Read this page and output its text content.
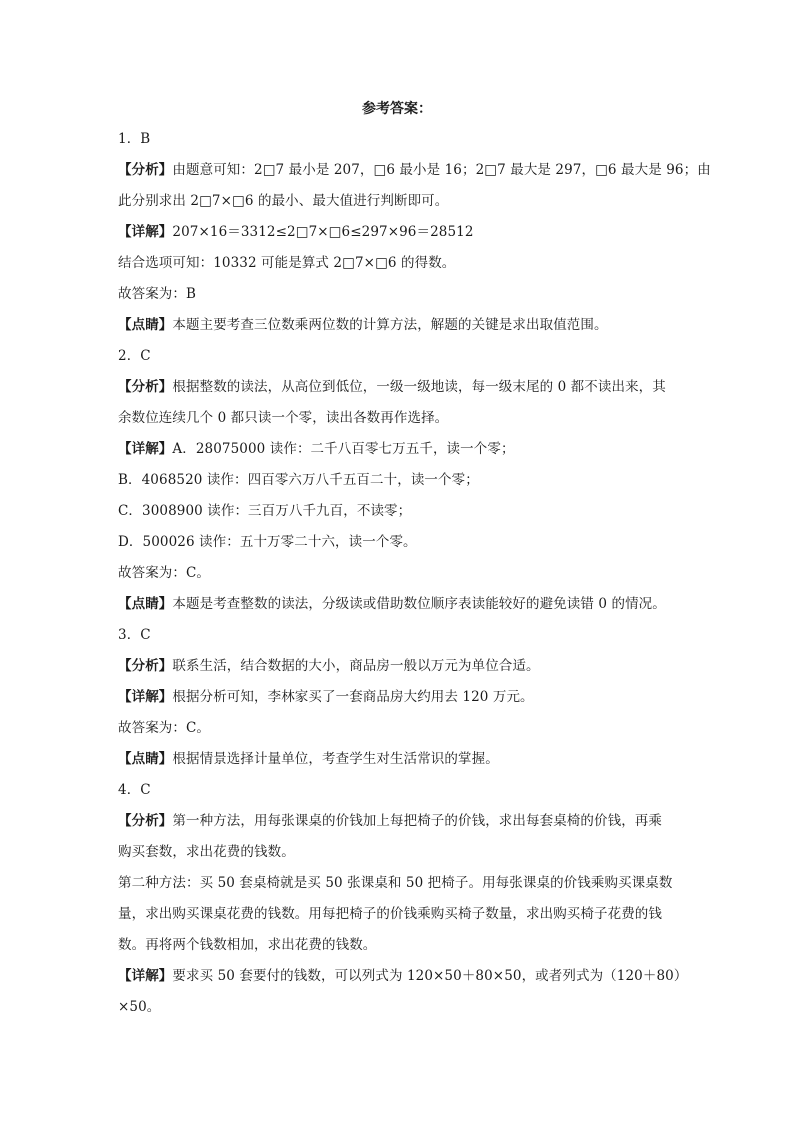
参考答案：
1．B
【分析】由题意可知：2□7 最小是 207，□6 最小是 16；2□7 最大是 297，□6 最大是 96；由
此分别求出 2□7×□6 的最小、最大值进行判断即可。
【详解】207×16＝3312≤2□7×□6≤297×96＝28512
结合选项可知：10332 可能是算式 2□7×□6 的得数。
故答案为：B
【点睛】本题主要考查三位数乘两位数的计算方法，解题的关键是求出取值范围。
2．C
【分析】根据整数的读法，从高位到低位，一级一级地读，每一级末尾的 0 都不读出来，其
余数位连续几个 0 都只读一个零，读出各数再作选择。
【详解】A．28075000 读作：二千八百零七万五千，读一个零；
B．4068520 读作：四百零六万八千五百二十，读一个零；
C．3008900 读作：三百万八千九百，不读零；
D．500026 读作：五十万零二十六，读一个零。
故答案为：C。
【点睛】本题是考查整数的读法，分级读或借助数位顺序表读能较好的避免读错 0 的情况。
3．C
【分析】联系生活，结合数据的大小，商品房一般以万元为单位合适。
【详解】根据分析可知，李林家买了一套商品房大约用去 120 万元。
故答案为：C。
【点睛】根据情景选择计量单位，考查学生对生活常识的掌握。
4．C
【分析】第一种方法，用每张课桌的价钱加上每把椅子的价钱，求出每套桌椅的价钱，再乘
购买套数，求出花费的钱数。
第二种方法：买 50 套桌椅就是买 50 张课桌和 50 把椅子。用每张课桌的价钱乘购买课桌数
量，求出购买课桌花费的钱数。用每把椅子的价钱乘购买椅子数量，求出购买椅子花费的钱
数。再将两个钱数相加，求出花费的钱数。
【详解】要求买 50 套要付的钱数，可以列式为 120×50＋80×50，或者列式为（120＋80）
×50。
